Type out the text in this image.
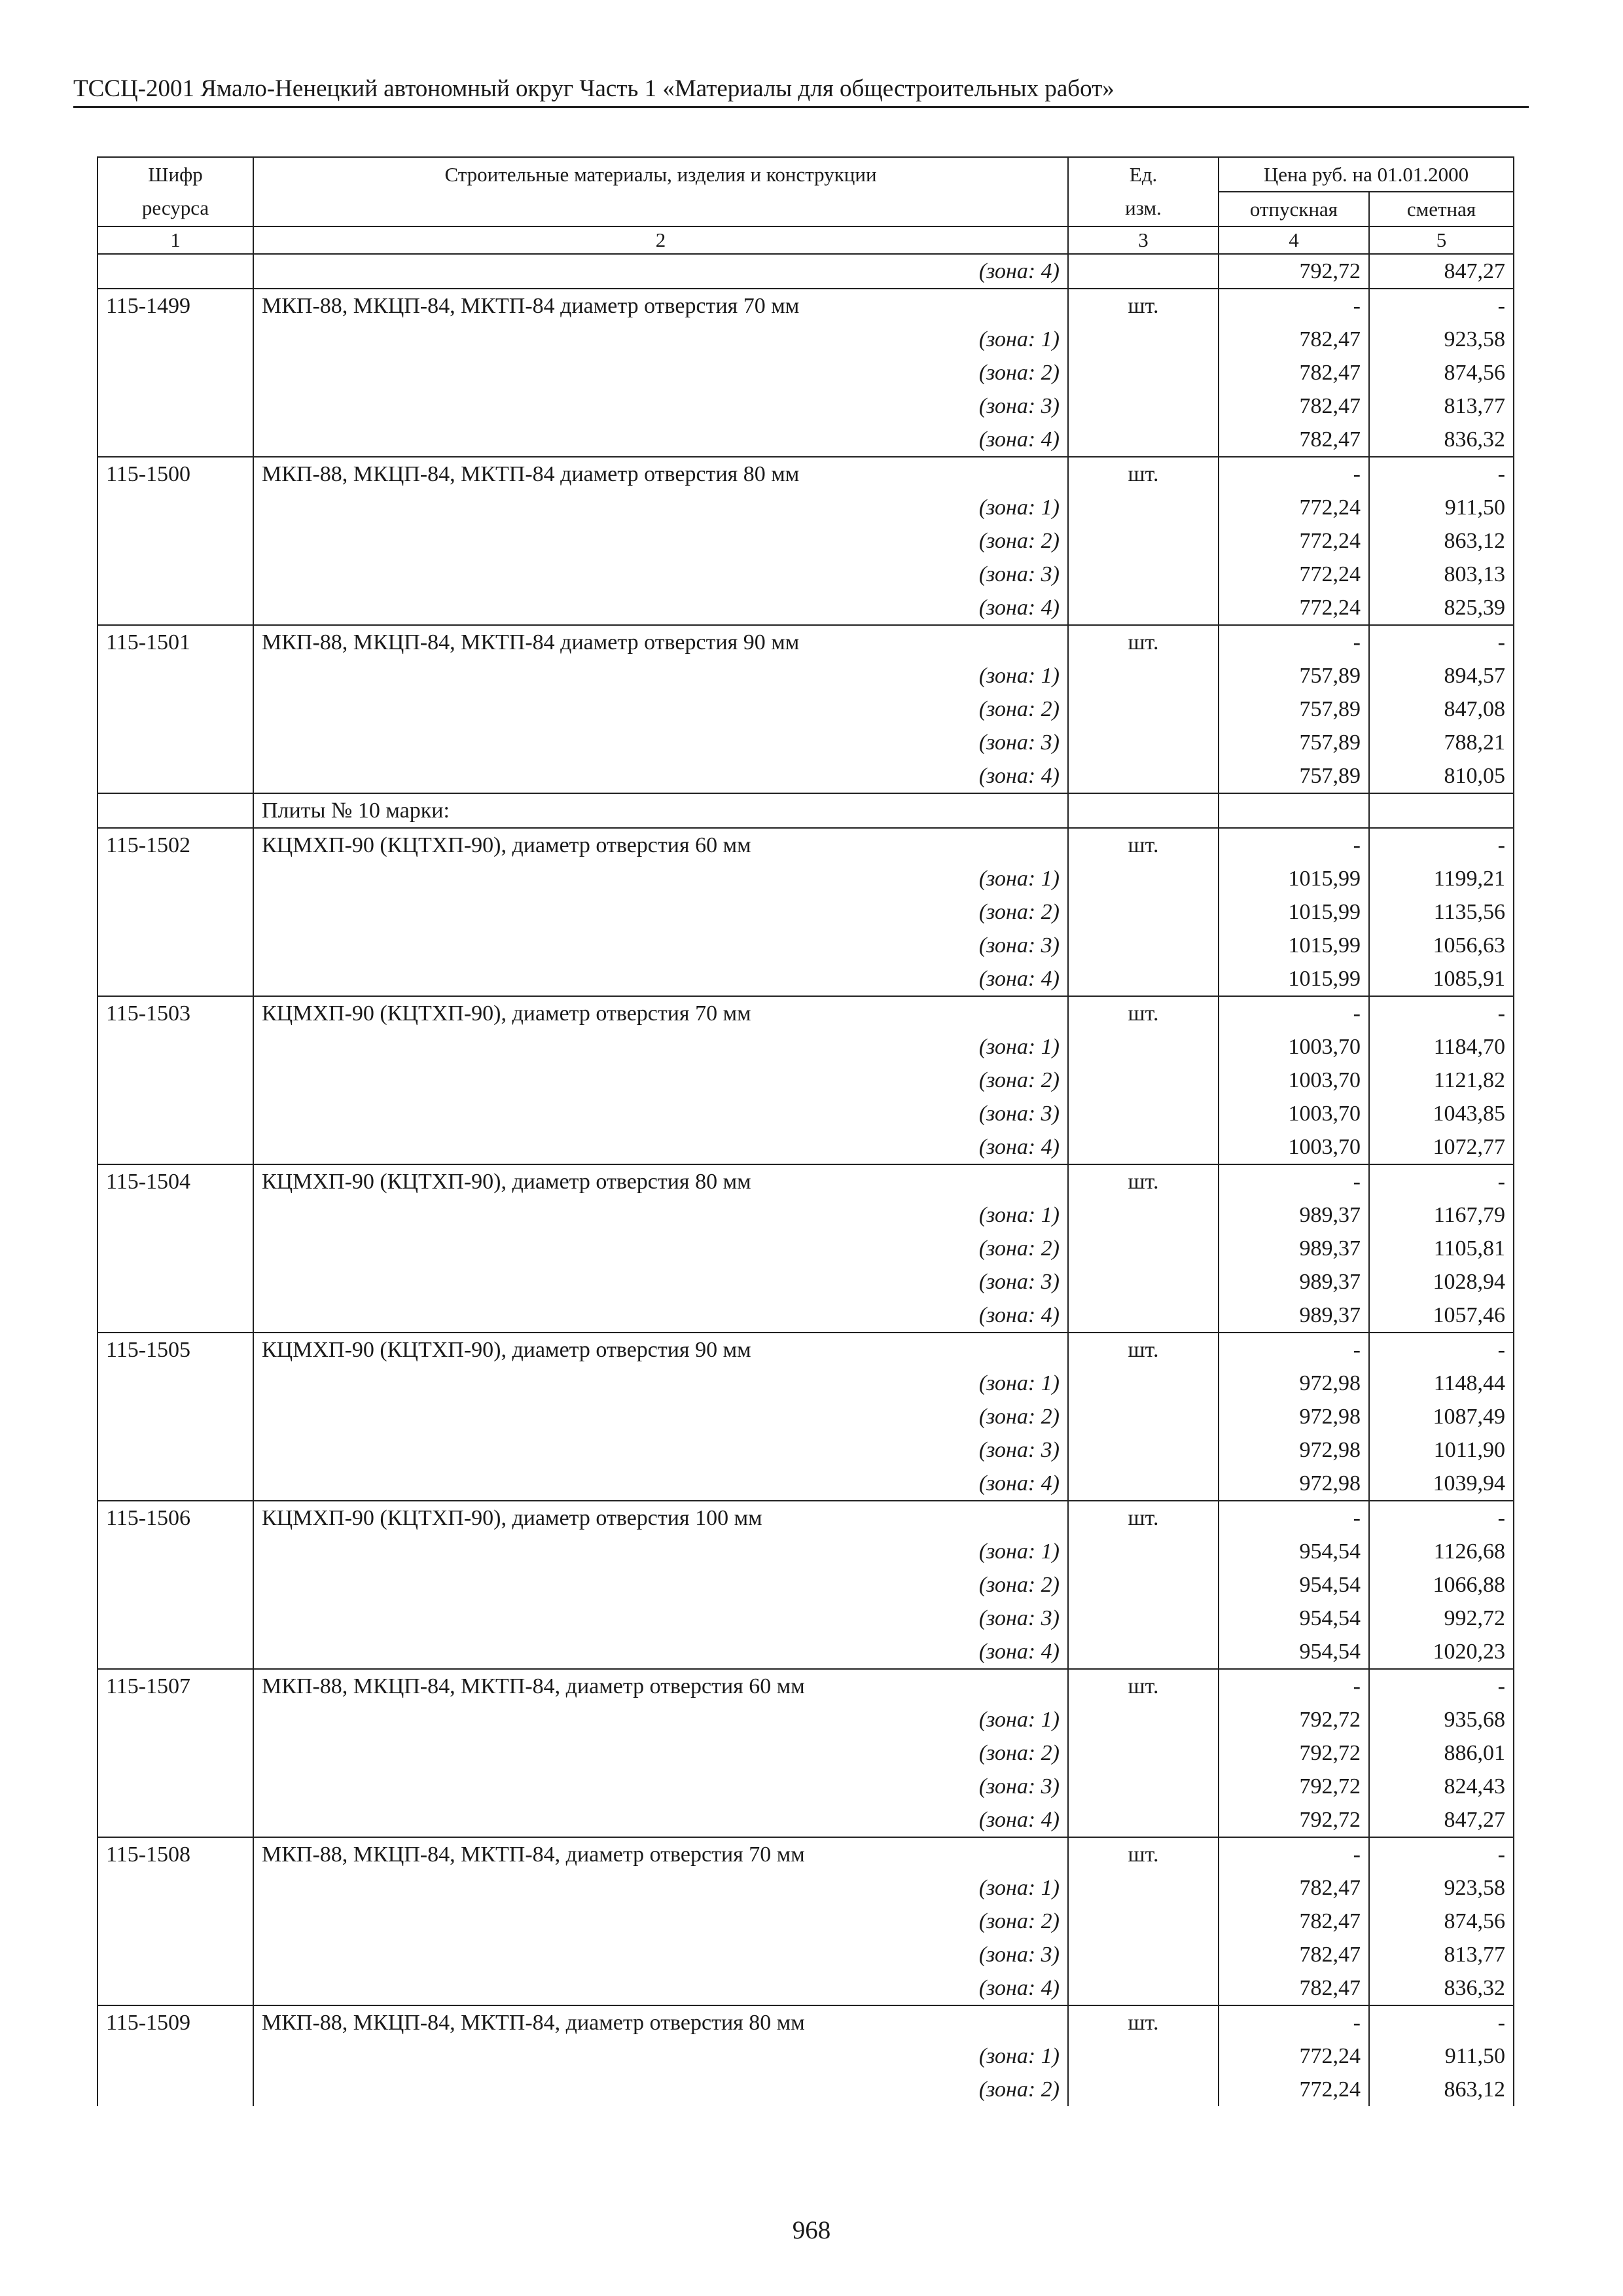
ТССЦ-2001 Ямало-Ненецкий автономный округ Часть 1 «Материалы для общестроительных работ»
Шифр ресурса	Строительные материалы, изделия и конструкции	Ед. изм.	Цена руб. на 01.01.2000	
			отпускная	сметная
1	2	3	4	5
	(зона: 4)		792,72	847,27
115-1499	МКП-88, МКЦП-84, МКТП-84 диаметр отверстия 70 мм	шт.	-	-
	(зона: 1)		782,47	923,58
	(зона: 2)		782,47	874,56
	(зона: 3)		782,47	813,77
	(зона: 4)		782,47	836,32
115-1500	МКП-88, МКЦП-84, МКТП-84 диаметр отверстия 80 мм	шт.	-	-
	(зона: 1)		772,24	911,50
	(зона: 2)		772,24	863,12
	(зона: 3)		772,24	803,13
	(зона: 4)		772,24	825,39
115-1501	МКП-88, МКЦП-84, МКТП-84 диаметр отверстия 90 мм	шт.	-	-
	(зона: 1)		757,89	894,57
	(зона: 2)		757,89	847,08
	(зона: 3)		757,89	788,21
	(зона: 4)		757,89	810,05
	Плиты № 10 марки:			
115-1502	КЦМХП-90 (КЦТХП-90), диаметр отверстия 60 мм	шт.	-	-
	(зона: 1)		1015,99	1199,21
	(зона: 2)		1015,99	1135,56
	(зона: 3)		1015,99	1056,63
	(зона: 4)		1015,99	1085,91
115-1503	КЦМХП-90 (КЦТХП-90), диаметр отверстия 70 мм	шт.	-	-
	(зона: 1)		1003,70	1184,70
	(зона: 2)		1003,70	1121,82
	(зона: 3)		1003,70	1043,85
	(зона: 4)		1003,70	1072,77
115-1504	КЦМХП-90 (КЦТХП-90), диаметр отверстия 80 мм	шт.	-	-
	(зона: 1)		989,37	1167,79
	(зона: 2)		989,37	1105,81
	(зона: 3)		989,37	1028,94
	(зона: 4)		989,37	1057,46
115-1505	КЦМХП-90 (КЦТХП-90), диаметр отверстия 90 мм	шт.	-	-
	(зона: 1)		972,98	1148,44
	(зона: 2)		972,98	1087,49
	(зона: 3)		972,98	1011,90
	(зона: 4)		972,98	1039,94
115-1506	КЦМХП-90 (КЦТХП-90), диаметр отверстия 100 мм	шт.	-	-
	(зона: 1)		954,54	1126,68
	(зона: 2)		954,54	1066,88
	(зона: 3)		954,54	992,72
	(зона: 4)		954,54	1020,23
115-1507	МКП-88, МКЦП-84, МКТП-84, диаметр отверстия 60 мм	шт.	-	-
	(зона: 1)		792,72	935,68
	(зона: 2)		792,72	886,01
	(зона: 3)		792,72	824,43
	(зона: 4)		792,72	847,27
115-1508	МКП-88, МКЦП-84, МКТП-84, диаметр отверстия 70 мм	шт.	-	-
	(зона: 1)		782,47	923,58
	(зона: 2)		782,47	874,56
	(зона: 3)		782,47	813,77
	(зона: 4)		782,47	836,32
115-1509	МКП-88, МКЦП-84, МКТП-84, диаметр отверстия 80 мм	шт.	-	-
	(зона: 1)		772,24	911,50
	(зона: 2)		772,24	863,12
968
